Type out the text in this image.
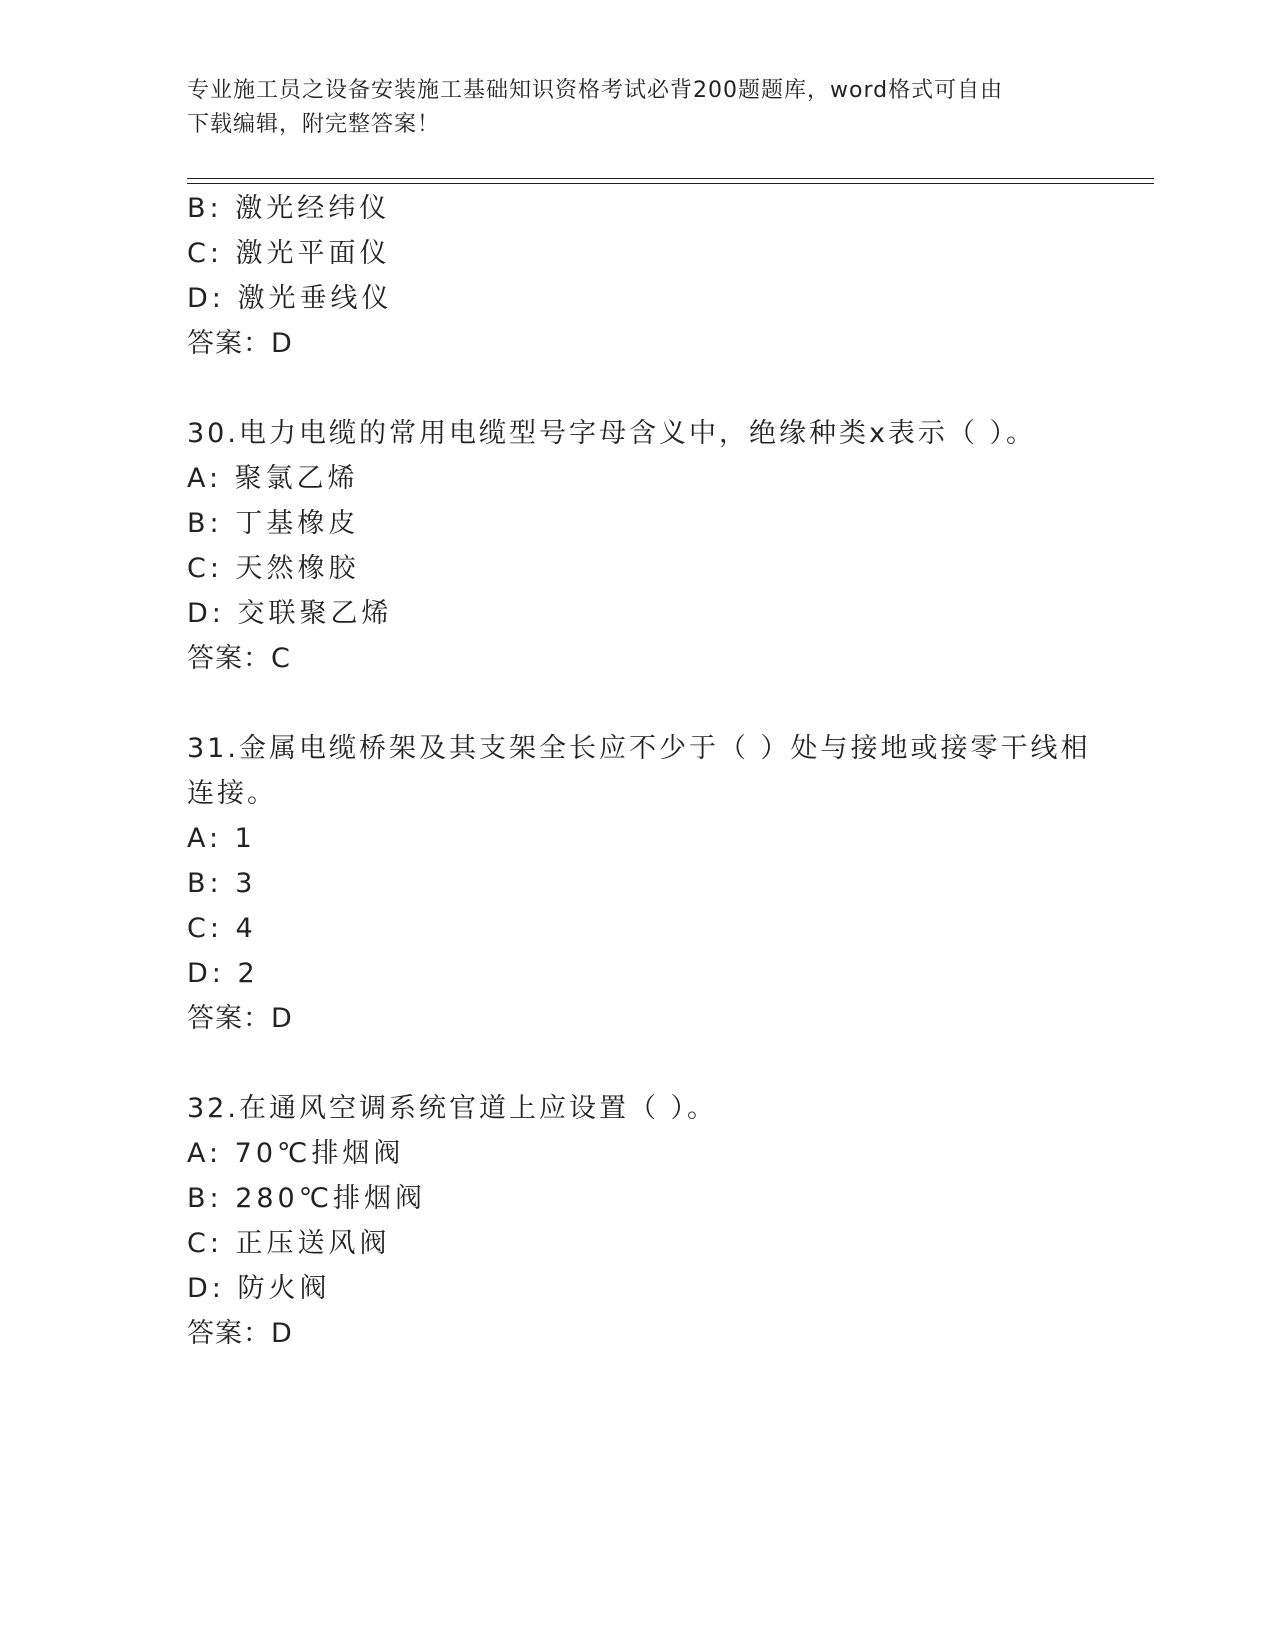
专业施工员之设备安装施工基础知识资格考试必背200题题库，word格式可自由
下载编辑，附完整答案！
B: 激光经纬仪
C: 激光平面仪
D: 激光垂线仪
答案：D
30.电力电缆的常用电缆型号字母含义中，绝缘种类x表示（ ）。
A: 聚氯乙烯
B: 丁基橡皮
C: 天然橡胶
D: 交联聚乙烯
答案：C
31.金属电缆桥架及其支架全长应不少于（ ）处与接地或接零干线相
连接。
A: 1
B: 3
C: 4
D: 2
答案：D
32.在通风空调系统官道上应设置（ ）。
A: 70℃排烟阀
B: 280℃排烟阀
C: 正压送风阀
D: 防火阀
答案：D
